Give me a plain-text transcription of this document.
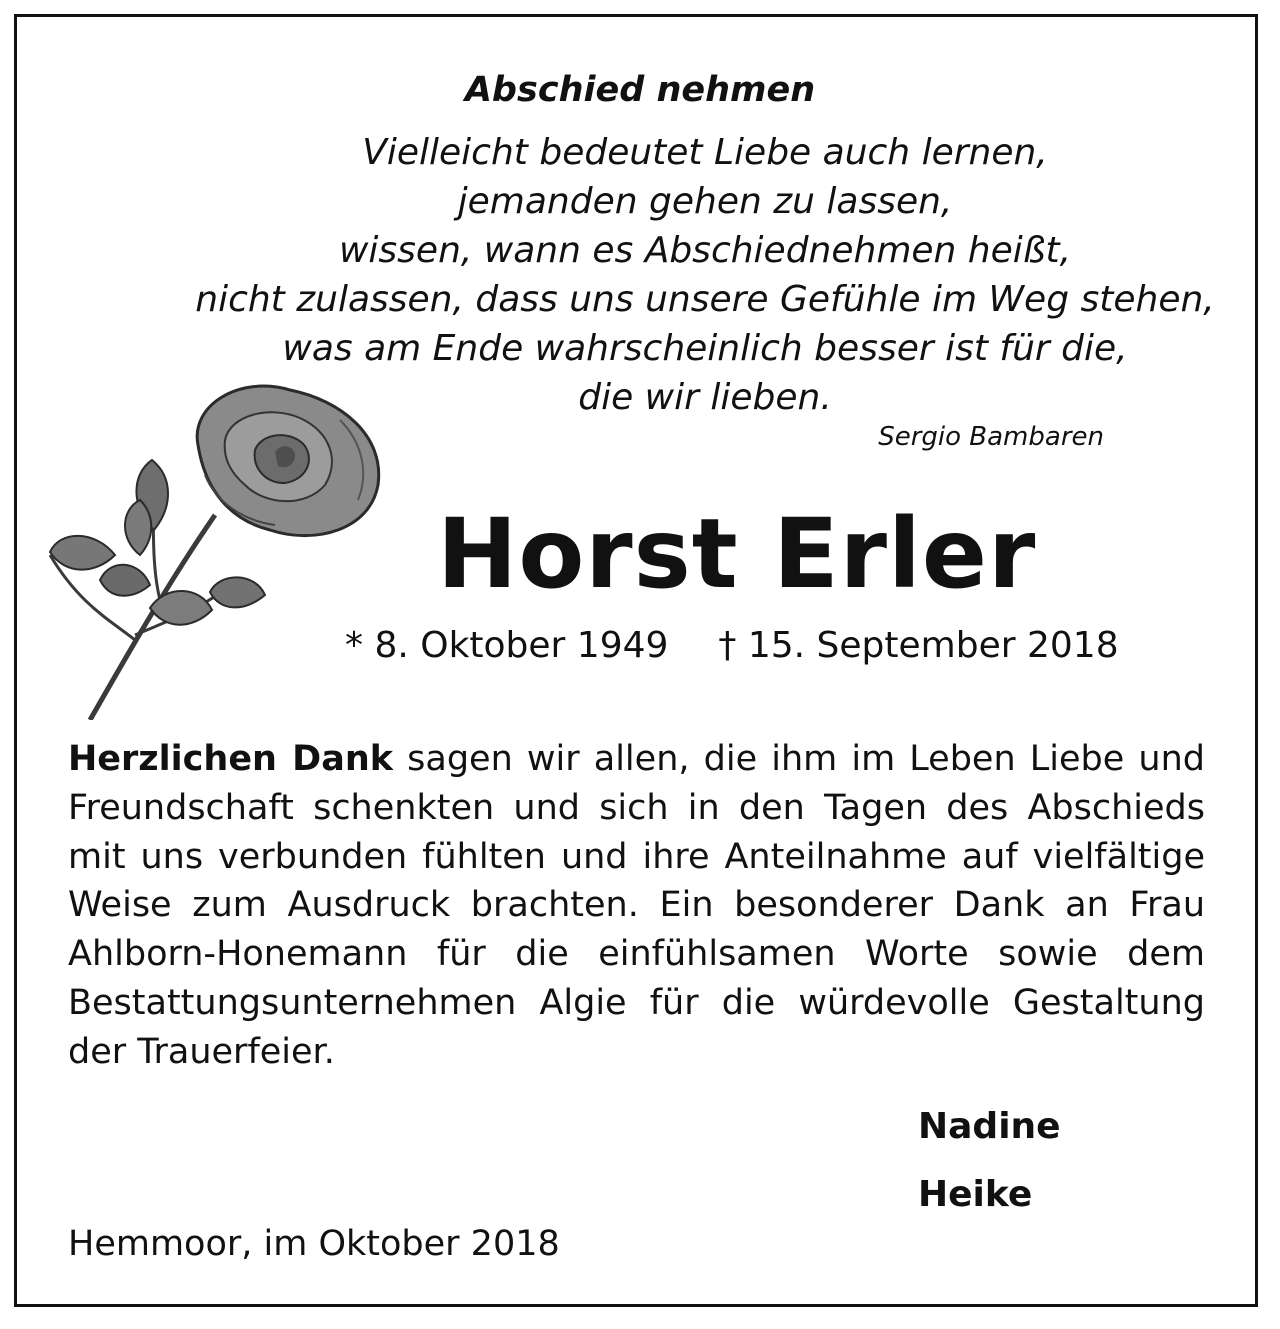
Abschied nehmen
Vielleicht bedeutet Liebe auch lernen,
jemanden gehen zu lassen,
wissen, wann es Abschiednehmen heißt,
nicht zulassen, dass uns unsere Gefühle im Weg stehen,
was am Ende wahrscheinlich besser ist für die,
die wir lieben.
Sergio Bambaren
Horst Erler
* 8. Oktober 1949 † 15. September 2018
Herzlichen Dank sagen wir allen, die ihm im Leben Liebe und Freundschaft schenkten und sich in den Tagen des Abschieds mit uns verbunden fühlten und ihre Anteilnahme auf vielfältige Weise zum Ausdruck brachten. Ein besonderer Dank an Frau Ahlborn-Honemann für die einfühlsamen Worte sowie dem Bestattungsunternehmen Algie für die würdevolle Gestaltung der Trauerfeier.
Nadine
Heike
Hemmoor, im Oktober 2018
